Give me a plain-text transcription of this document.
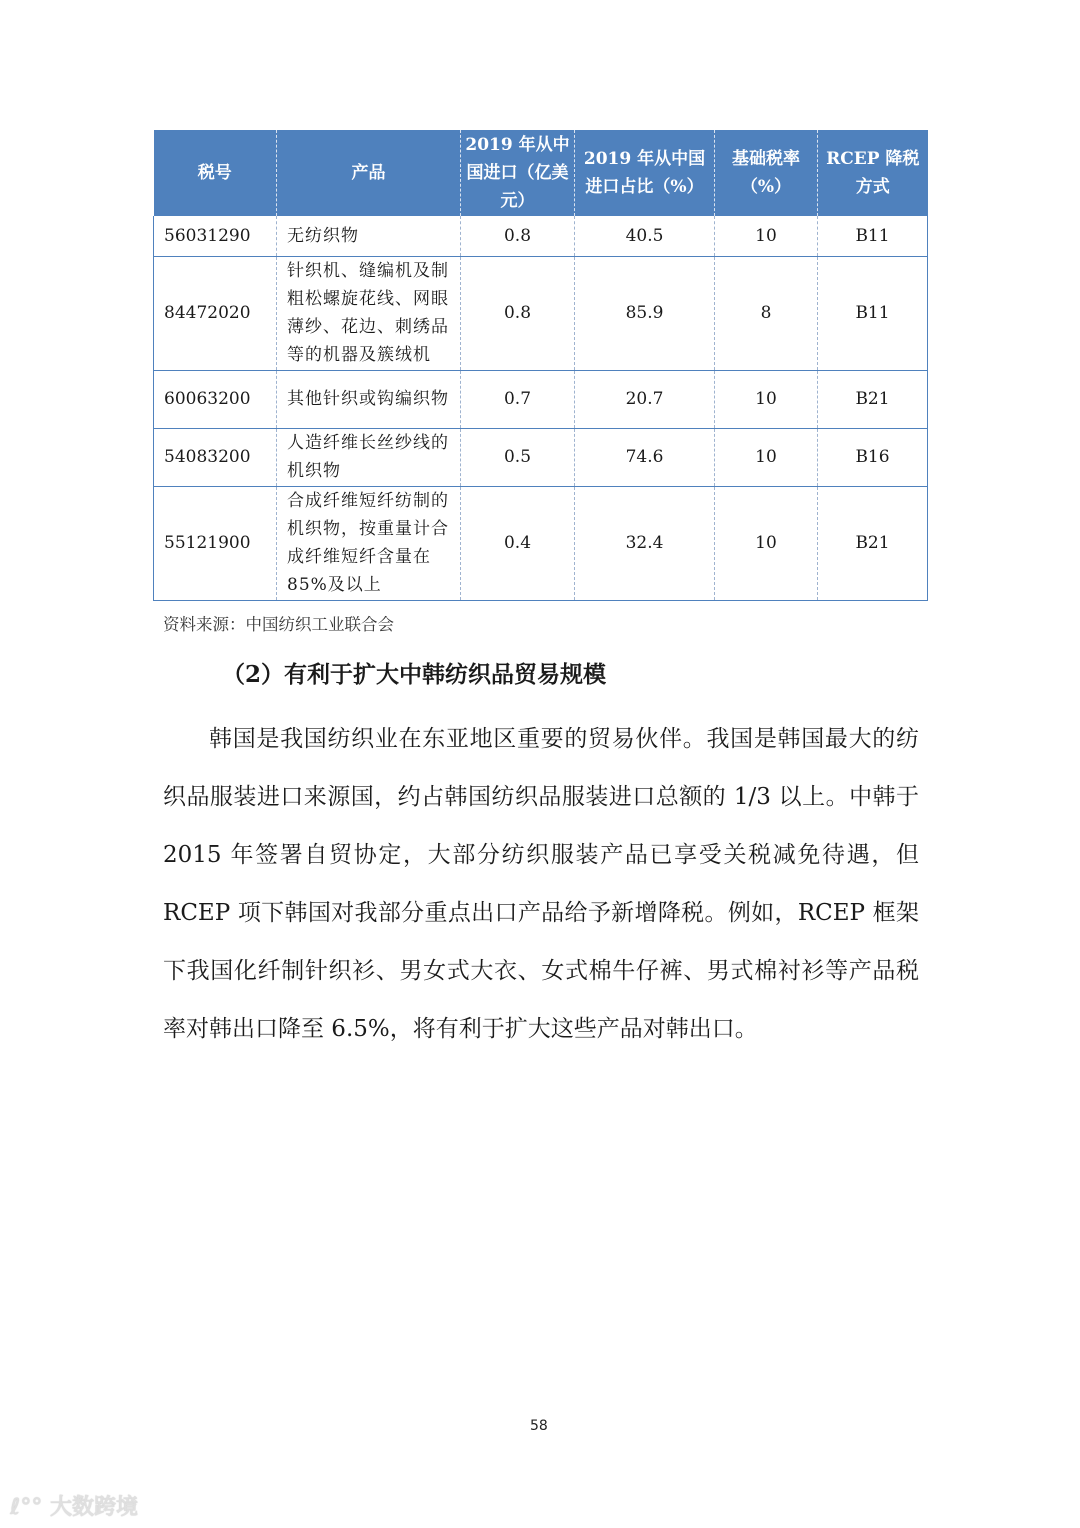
税号	产品	2019 年从中国进口（亿美元）	2019 年从中国进口占比（%）	基础税率（%）	RCEP 降税方式
56031290	无纺织物	0.8	40.5	10	B11
84472020	针织机、缝编机及制粗松螺旋花线、网眼薄纱、花边、刺绣品等的机器及簇绒机	0.8	85.9	8	B11
60063200	其他针织或钩编织物	0.7	20.7	10	B21
54083200	人造纤维长丝纱线的机织物	0.5	74.6	10	B16
55121900	合成纤维短纤纺制的机织物，按重量计合成纤维短纤含量在 85%及以上	0.4	32.4	10	B21
资料来源：中国纺织工业联合会
（2）有利于扩大中韩纺织品贸易规模
韩国是我国纺织业在东亚地区重要的贸易伙伴。我国是韩国最大的纺织品服装进口来源国，约占韩国纺织品服装进口总额的 1/3 以上。中韩于 2015 年签署自贸协定，大部分纺织服装产品已享受关税减免待遇，但 RCEP 项下韩国对我部分重点出口产品给予新增降税。例如，RCEP 框架下我国化纤制针织衫、男女式大衣、女式棉牛仔裤、男式棉衬衫等产品税率对韩出口降至 6.5%，将有利于扩大这些产品对韩出口。
58
ℓ°° 大数跨境
